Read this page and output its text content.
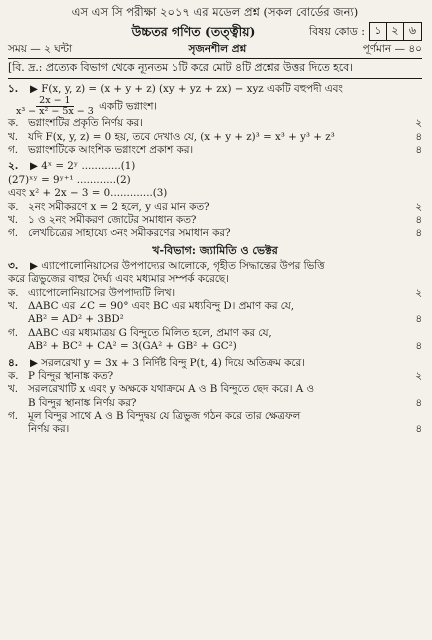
এস এস সি পরীক্ষা ২০১৭ এর মডেল প্রশ্ন (সকল বোর্ডের জন্য)
উচ্চতর গণিত (তত্ত্বীয়)	বিষয় কোড : ১ ২ ৬
সময় — ২ ঘন্টা	সৃজনশীল প্রশ্ন	পূর্ণমান — ৪০
[বি. দ্র.: প্রত্যেক বিভাগ থেকে ন্যূনতম ১টি করে মোট ৪টি প্রশ্নের উত্তর দিতে হবে।
১.	▶ F(x, y, z) = (x + y + z) (xy + yz + zx) − xyz একটি বহুপদী এবং
$\frac{2x - 1}{\text{x³ − x² − 5x − 3}}$ একটি ভগ্নাংশ।
ক. ভগ্নাংশটির প্রকৃতি নির্ণয় কর।	২
খ. যদি F(x, y, z) = 0 হয়, তবে দেখাও যে, (x + y + z)³ = x³ + y³ + z³	৪
গ. ভগ্নাংশটিকে আংশিক ভগ্নাংশে প্রকাশ কর।	৪
২.	▶ 4ˣ = 2ʸ ............(1)
(27)ˣʸ = 9ʸ⁺¹ ............(2)
এবং x² + 2x − 3 = 0.............(3)
ক. ২নং সমীকরণে x = 2 হলে, y এর মান কত?	২
খ. ১ ও ২নং সমীকরণ জোটের সমাধান কত?	৪
গ. লেখচিত্রের সাহায্যে ৩নং সমীকরণের সমাধান কর?	৪
খ-বিভাগ: জ্যামিতি ও ভেক্টর
৩.	▶ এ্যাপোলোনিয়াসের উপপাদ্যের আলোকে, গৃহীত সিদ্ধান্তের উপর ভিত্তি
করে ত্রিভুজের বাহুর দৈর্ঘ্য এবং মধ্যমার সম্পর্ক করেছে।
ক. এ্যাপোলোনিয়াসের উপপাদ্যটি লিখ।	২
খ. ΔABC এর ∠C = 90° এবং BC এর মধ্যবিন্দু D। প্রমাণ কর যে,
AB² = AD² + 3BD²	৪
গ. ΔABC এর মধ্যমাত্রয় G বিন্দুতে মিলিত হলে, প্রমাণ কর যে,
AB² + BC² + CA² = 3(GA² + GB² + GC²)	৪
৪.	▶ সরলরেখা y = 3x + 3 নির্দিষ্ট বিন্দু P(t, 4) দিয়ে অতিক্রম করে।
ক. P বিন্দুর স্থানাঙ্ক কত?	২
খ. সরলরেখাটি x এবং y অক্ষকে যথাক্রমে A ও B বিন্দুতে ছেদ করে। A ও
B বিন্দুর স্থানাঙ্ক নির্ণয় কর?	৪
গ. মূল বিন্দুর সাথে A ও B বিন্দুদ্বয় যে ত্রিভুজ গঠন করে তার ক্ষেত্রফল
নির্ণয় কর।	৪
